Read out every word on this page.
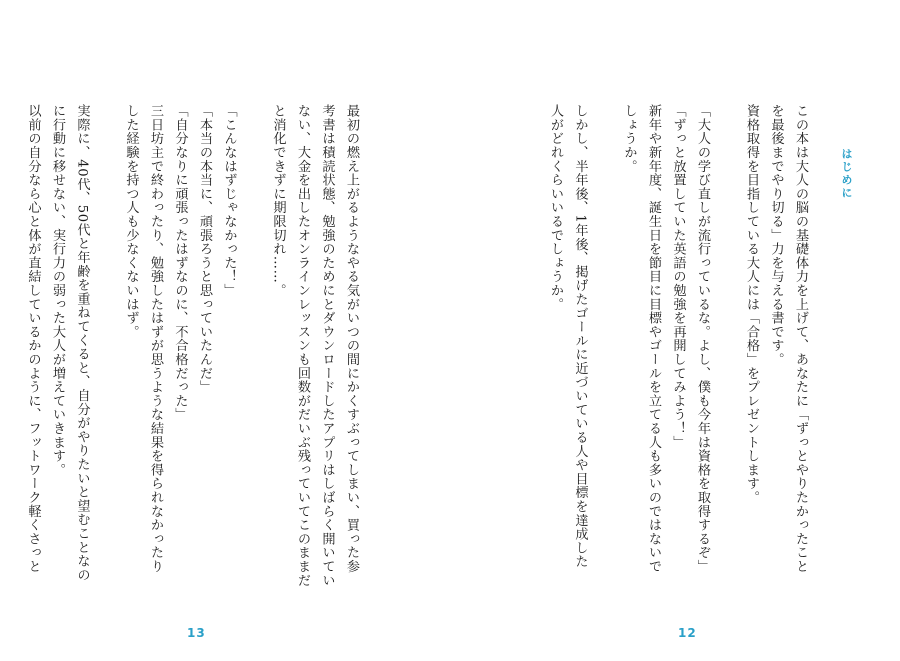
はじめに
この本は大人の脳の基礎体力を上げて、あなたに「ずっとやりたかったこと
を最後までやり切る」力を与える書です。
資格取得を目指している大人には「合格」をプレゼントします。
「大人の学び直しが流行っているな。よし、僕も今年は資格を取得するぞ」
「ずっと放置していた英語の勉強を再開してみよう！」
新年や新年度、誕生日を節目に目標やゴールを立てる人も多いのではないで
しょうか。
しかし、半年後、1年後、掲げたゴールに近づいている人や目標を達成した
人がどれくらいいるでしょうか。
最初の燃え上がるようなやる気がいつの間にかくすぶってしまい、買った参
考書は積読状態、勉強のためにとダウンロードしたアプリはしばらく開いてい
ない、大金を出したオンラインレッスンも回数がだいぶ残っていてこのままだ
と消化できずに期限切れ……。
「こんなはずじゃなかった！」
「本当の本当に、頑張ろうと思っていたんだ」
「自分なりに頑張ったはずなのに、不合格だった」
三日坊主で終わったり、勉強したはずが思うような結果を得られなかったり
した経験を持つ人も少なくないはず。
実際に、40代、50代と年齢を重ねてくると、自分がやりたいと望むことなの
に行動に移せない、実行力の弱った大人が増えていきます。
以前の自分なら心と体が直結しているかのように、フットワーク軽くさっと
13	12
